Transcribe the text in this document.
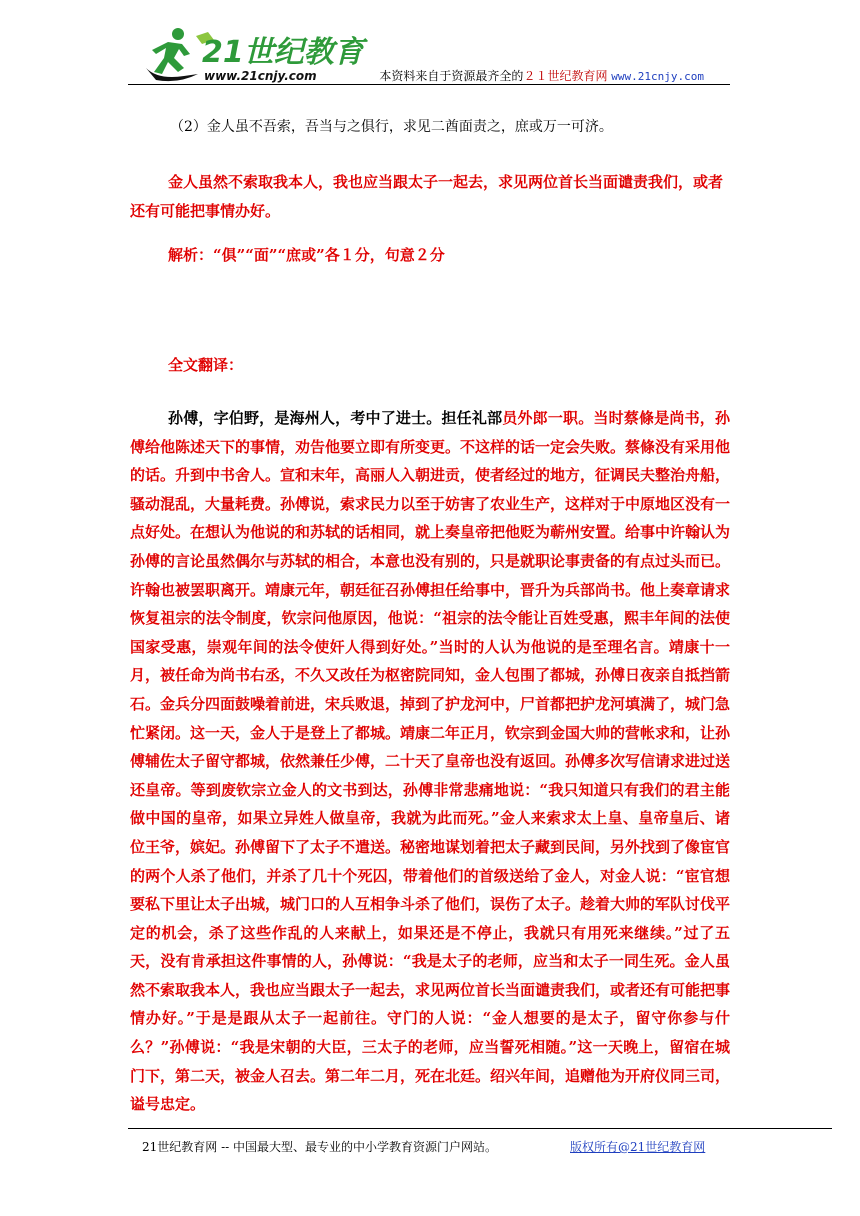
21世纪教育
www.21cnjy.com	本资料来自于资源最齐全的２１世纪教育网 www.21cnjy.com
（2）金人虽不吾索，吾当与之俱行，求见二酋面责之，庶或万一可济。

金人虽然不索取我本人，我也应当跟太子一起去，求见两位首长当面谴责我们，或者还有可能把事情办好。

解析：“俱”“面”“庶或”各１分，句意２分
全文翻译：

孙傅，字伯野，是海州人，考中了进士。担任礼部员外郎一职。当时蔡條是尚书，孙傅给他陈述天下的事情，劝告他要立即有所变更。不这样的话一定会失败。蔡條没有采用他的话。升到中书舍人。宣和末年，高丽人入朝进贡，使者经过的地方，征调民夫整治舟船，骚动混乱，大量耗费。孙傅说，索求民力以至于妨害了农业生产，这样对于中原地区没有一点好处。在想认为他说的和苏轼的话相同，就上奏皇帝把他贬为蕲州安置。给事中许翰认为孙傅的言论虽然偶尔与苏轼的相合，本意也没有别的，只是就职论事责备的有点过头而已。许翰也被罢职离开。靖康元年，朝廷征召孙傅担任给事中，晋升为兵部尚书。他上奏章请求恢复祖宗的法令制度，钦宗问他原因，他说：“祖宗的法令能让百姓受惠，熙丰年间的法使国家受惠，崇观年间的法令使奸人得到好处。”当时的人认为他说的是至理名言。靖康十一月，被任命为尚书右丞，不久又改任为枢密院同知，金人包围了都城，孙傅日夜亲自抵挡箭石。金兵分四面鼓噪着前进，宋兵败退，掉到了护龙河中，尸首都把护龙河填满了，城门急忙紧闭。这一天，金人于是登上了都城。靖康二年正月，钦宗到金国大帅的营帐求和，让孙傅辅佐太子留守都城，依然兼任少傅，二十天了皇帝也没有返回。孙傅多次写信请求进过送还皇帝。等到废钦宗立金人的文书到达，孙傅非常悲痛地说：“我只知道只有我们的君主能做中国的皇帝，如果立异姓人做皇帝，我就为此而死。”金人来索求太上皇、皇帝皇后、诸位王爷，嫔妃。孙傅留下了太子不遣送。秘密地谋划着把太子藏到民间，另外找到了像宦官的两个人杀了他们，并杀了几十个死囚，带着他们的首级送给了金人，对金人说：“宦官想要私下里让太子出城，城门口的人互相争斗杀了他们，误伤了太子。趁着大帅的军队讨伐平定的机会，杀了这些作乱的人来献上，如果还是不停止，我就只有用死来继续。”过了五天，没有肯承担这件事情的人，孙傅说：“我是太子的老师，应当和太子一同生死。金人虽然不索取我本人，我也应当跟太子一起去，求见两位首长当面谴责我们，或者还有可能把事情办好。”于是是跟从太子一起前往。守门的人说：“金人想要的是太子，留守你参与什么？”孙傅说：“我是宋朝的大臣，三太子的老师，应当誓死相随。”这一天晚上，留宿在城门下，第二天，被金人召去。第二年二月，死在北廷。绍兴年间，追赠他为开府仪同三司，谥号忠定。

21世纪教育网 -- 中国最大型、最专业的中小学教育资源门户网站。	版权所有@21世纪教育网
